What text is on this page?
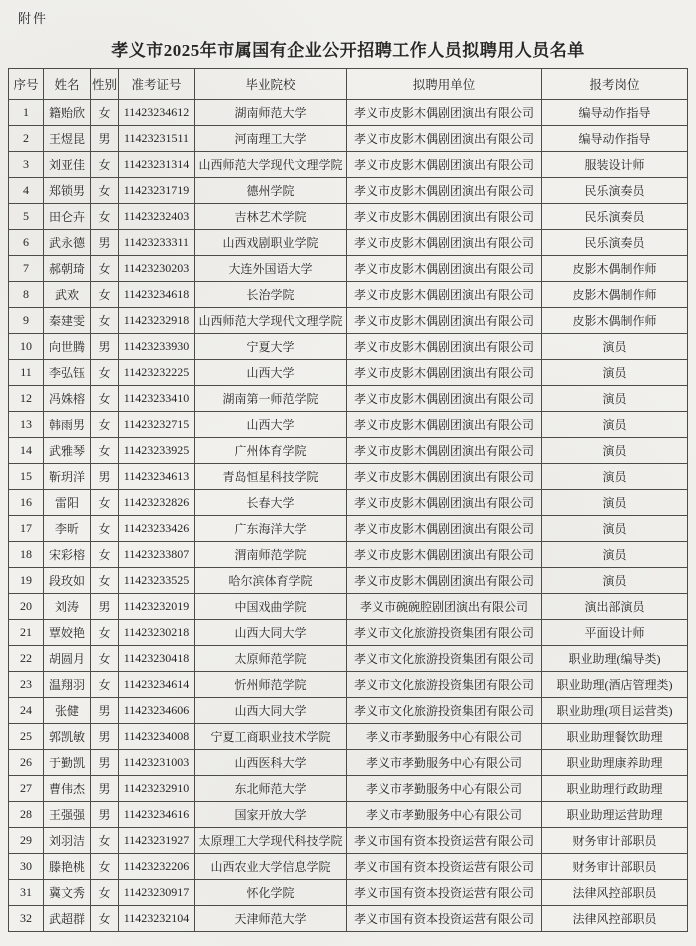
附件
孝义市2025年市属国有企业公开招聘工作人员拟聘用人员名单
序号	姓名	性别	准考证号	毕业院校	拟聘用单位	报考岗位
1	籍贻欣	女	11423234612	湖南师范大学	孝义市皮影木偶剧团演出有限公司	编导动作指导
2	王煜昆	男	11423231511	河南理工大学	孝义市皮影木偶剧团演出有限公司	编导动作指导
3	刘亚佳	女	11423231314	山西师范大学现代文理学院	孝义市皮影木偶剧团演出有限公司	服装设计师
4	郑锁男	女	11423231719	德州学院	孝义市皮影木偶剧团演出有限公司	民乐演奏员
5	田仑卉	女	11423232403	吉林艺术学院	孝义市皮影木偶剧团演出有限公司	民乐演奏员
6	武永德	男	11423233311	山西戏剧职业学院	孝义市皮影木偶剧团演出有限公司	民乐演奏员
7	郝朝琦	女	11423230203	大连外国语大学	孝义市皮影木偶剧团演出有限公司	皮影木偶制作师
8	武欢	女	11423234618	长治学院	孝义市皮影木偶剧团演出有限公司	皮影木偶制作师
9	秦建雯	女	11423232918	山西师范大学现代文理学院	孝义市皮影木偶剧团演出有限公司	皮影木偶制作师
10	向世腾	男	11423233930	宁夏大学	孝义市皮影木偶剧团演出有限公司	演员
11	李弘钰	女	11423232225	山西大学	孝义市皮影木偶剧团演出有限公司	演员
12	冯姝榕	女	11423233410	湖南第一师范学院	孝义市皮影木偶剧团演出有限公司	演员
13	韩雨男	女	11423232715	山西大学	孝义市皮影木偶剧团演出有限公司	演员
14	武雅琴	女	11423233925	广州体育学院	孝义市皮影木偶剧团演出有限公司	演员
15	靳玥洋	男	11423234613	青岛恒星科技学院	孝义市皮影木偶剧团演出有限公司	演员
16	雷阳	女	11423232826	长春大学	孝义市皮影木偶剧团演出有限公司	演员
17	李昕	女	11423233426	广东海洋大学	孝义市皮影木偶剧团演出有限公司	演员
18	宋彩榕	女	11423233807	渭南师范学院	孝义市皮影木偶剧团演出有限公司	演员
19	段玫如	女	11423233525	哈尔滨体育学院	孝义市皮影木偶剧团演出有限公司	演员
20	刘涛	男	11423232019	中国戏曲学院	孝义市碗碗腔剧团演出有限公司	演出部演员
21	覃姣艳	女	11423230218	山西大同大学	孝义市文化旅游投资集团有限公司	平面设计师
22	胡圆月	女	11423230418	太原师范学院	孝义市文化旅游投资集团有限公司	职业助理(编导类)
23	温翔羽	女	11423234614	忻州师范学院	孝义市文化旅游投资集团有限公司	职业助理(酒店管理类)
24	张健	男	11423234606	山西大同大学	孝义市文化旅游投资集团有限公司	职业助理(项目运营类)
25	郭凯敏	男	11423234008	宁夏工商职业技术学院	孝义市孝勤服务中心有限公司	职业助理餐饮助理
26	于勤凯	男	11423231003	山西医科大学	孝义市孝勤服务中心有限公司	职业助理康养助理
27	曹伟杰	男	11423232910	东北师范大学	孝义市孝勤服务中心有限公司	职业助理行政助理
28	王强强	男	11423234616	国家开放大学	孝义市孝勤服务中心有限公司	职业助理运营助理
29	刘羽洁	女	11423231927	太原理工大学现代科技学院	孝义市国有资本投资运营有限公司	财务审计部职员
30	滕艳桃	女	11423232206	山西农业大学信息学院	孝义市国有资本投资运营有限公司	财务审计部职员
31	冀文秀	女	11423230917	怀化学院	孝义市国有资本投资运营有限公司	法律风控部职员
32	武超群	女	11423232104	天津师范大学	孝义市国有资本投资运营有限公司	法律风控部职员
